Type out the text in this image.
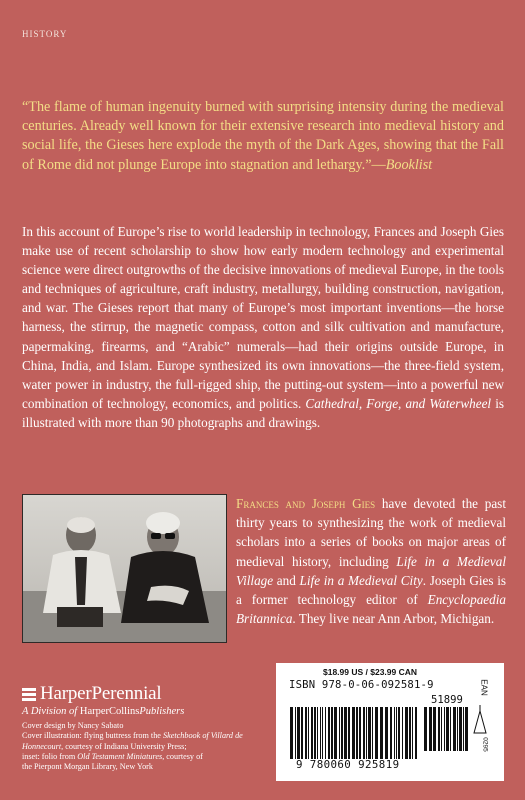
HISTORY

“The flame of human ingenuity burned with surprising intensity during the medieval centuries. Already well known for their extensive research into medieval history and social life, the Gieses here explode the myth of the Dark Ages, showing that the Fall of Rome did not plunge Europe into stagnation and lethargy.”—Booklist

In this account of Europe’s rise to world leadership in technology, Frances and Joseph Gies make use of recent scholarship to show how early modern technology and experimental science were direct outgrowths of the decisive innovations of medieval Europe, in the tools and techniques of agriculture, craft industry, metallurgy, building construction, navigation, and war. The Gieses report that many of Europe’s most important inventions—the horse harness, the stirrup, the magnetic compass, cotton and silk cultivation and manufacture, papermaking, firearms, and “Arabic” numerals—had their origins outside Europe, in China, India, and Islam. Europe synthesized its own innovations—the three-field system, water power in industry, the full-rigged ship, the putting-out system—into a powerful new combination of technology, economics, and politics. Cathedral, Forge, and Waterwheel is illustrated with more than 90 photographs and drawings.

Frances and Joseph Gies have devoted the past thirty years to synthesizing the work of medieval scholars into a series of books on major areas of medieval history, including Life in a Medieval Village and Life in a Medieval City. Joseph Gies is a former technology editor of Encyclopaedia Britannica. They live near Ann Arbor, Michigan.

HarperPerennial
A Division of HarperCollinsPublishers
Cover design by Nancy Sabato
Cover illustration: flying buttress from the Sketchbook of Villard de Honnecourt, courtesy of Indiana University Press;
inset: folio from Old Testament Miniatures, courtesy of
the Pierpont Morgan Library, New York
$18.99 US / $23.99 CAN
ISBN 978-0-06-092581-9	EAN
51899
9 780060 925819
0295
